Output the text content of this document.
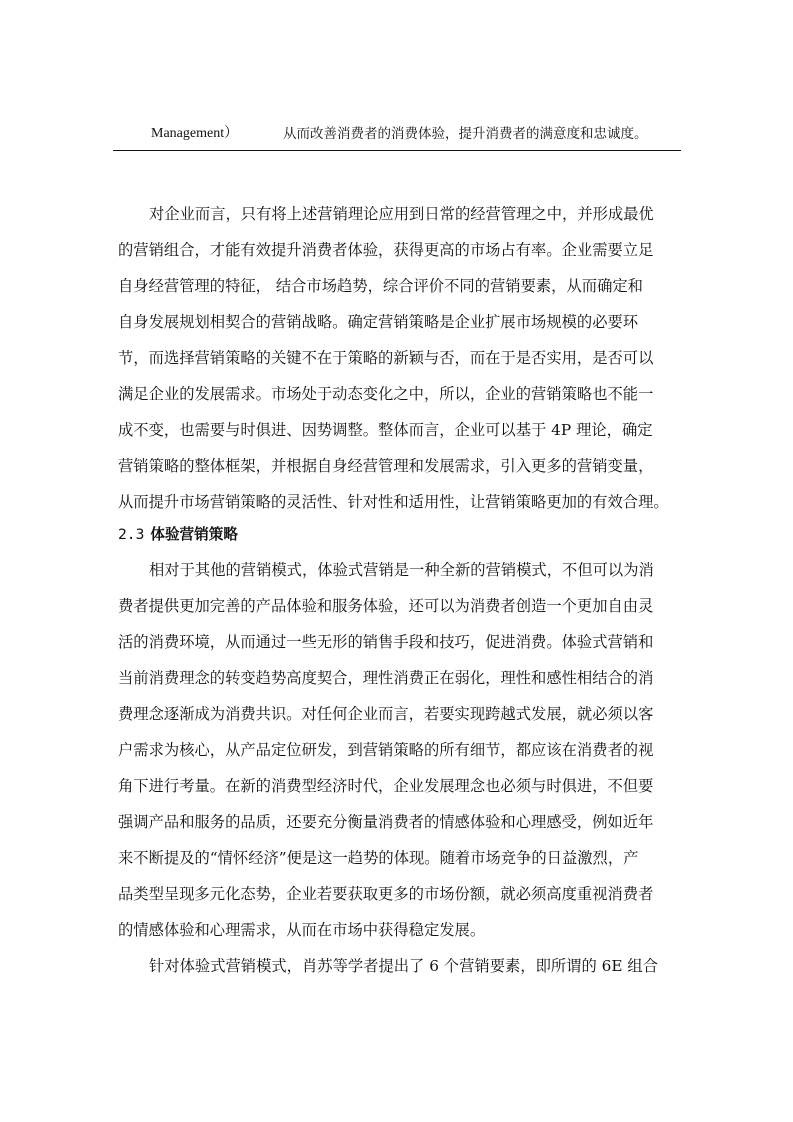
Management）	从而改善消费者的消费体验，提升消费者的满意度和忠诚度。
对企业而言，只有将上述营销理论应用到日常的经营管理之中，并形成最优
的营销组合，才能有效提升消费者体验，获得更高的市场占有率。企业需要立足
自身经营管理的特征， 结合市场趋势，综合评价不同的营销要素，从而确定和
自身发展规划相契合的营销战略。确定营销策略是企业扩展市场规模的必要环
节，而选择营销策略的关键不在于策略的新颖与否，而在于是否实用，是否可以
满足企业的发展需求。市场处于动态变化之中，所以，企业的营销策略也不能一
成不变，也需要与时俱进、因势调整。整体而言，企业可以基于 4P 理论，确定
营销策略的整体框架，并根据自身经营管理和发展需求，引入更多的营销变量，
从而提升市场营销策略的灵活性、针对性和适用性，让营销策略更加的有效合理。
2.3 体验营销策略
相对于其他的营销模式，体验式营销是一种全新的营销模式，不但可以为消
费者提供更加完善的产品体验和服务体验，还可以为消费者创造一个更加自由灵
活的消费环境，从而通过一些无形的销售手段和技巧，促进消费。体验式营销和
当前消费理念的转变趋势高度契合，理性消费正在弱化，理性和感性相结合的消
费理念逐渐成为消费共识。对任何企业而言，若要实现跨越式发展，就必须以客
户需求为核心，从产品定位研发，到营销策略的所有细节，都应该在消费者的视
角下进行考量。在新的消费型经济时代，企业发展理念也必须与时俱进，不但要
强调产品和服务的品质，还要充分衡量消费者的情感体验和心理感受，例如近年
来不断提及的“情怀经济”便是这一趋势的体现。随着市场竞争的日益激烈，产
品类型呈现多元化态势，企业若要获取更多的市场份额，就必须高度重视消费者
的情感体验和心理需求，从而在市场中获得稳定发展。
针对体验式营销模式，肖苏等学者提出了 6 个营销要素，即所谓的 6E 组合
